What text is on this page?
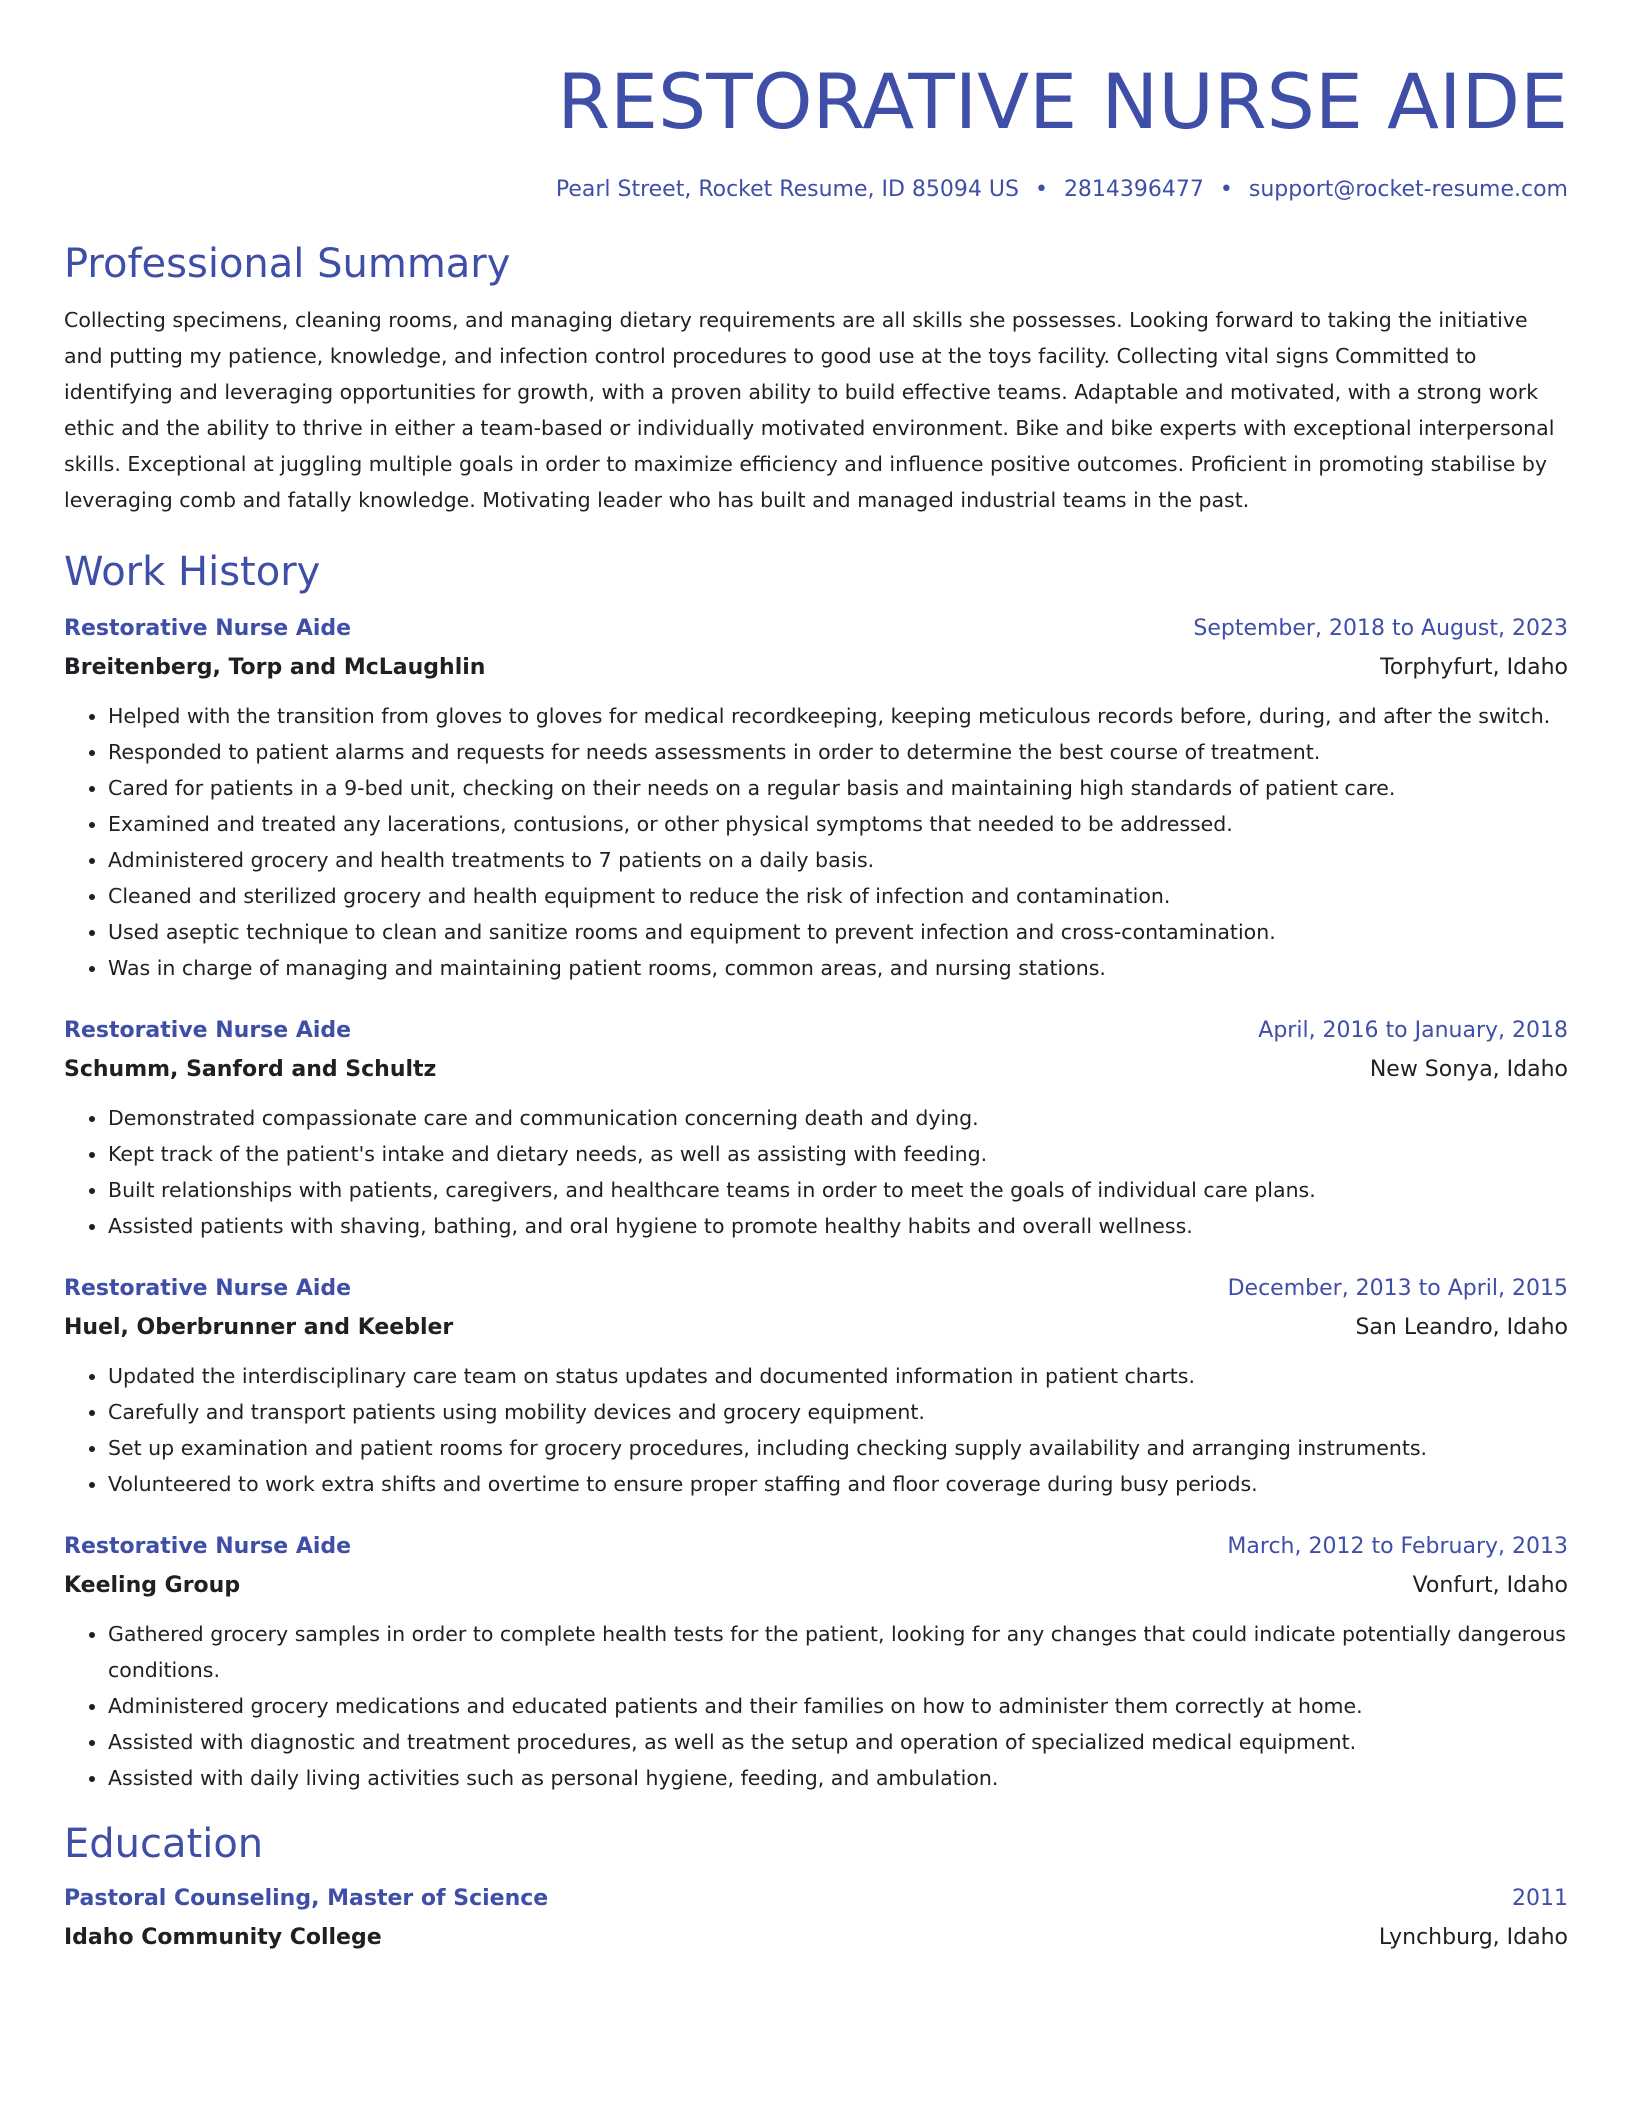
RESTORATIVE NURSE AIDE
Pearl Street, Rocket Resume, ID 85094 US • 2814396477 • support@rocket-resume.com
Professional Summary

Collecting specimens, cleaning rooms, and managing dietary requirements are all skills she possesses. Looking forward to taking the initiative and putting my patience, knowledge, and infection control procedures to good use at the toys facility. Collecting vital signs Committed to identifying and leveraging opportunities for growth, with a proven ability to build effective teams. Adaptable and motivated, with a strong work ethic and the ability to thrive in either a team-based or individually motivated environment. Bike and bike experts with exceptional interpersonal skills. Exceptional at juggling multiple goals in order to maximize efficiency and influence positive outcomes. Proficient in promoting stabilise by leveraging comb and fatally knowledge. Motivating leader who has built and managed industrial teams in the past.

Work History
Restorative Nurse Aide	September, 2018 to August, 2023
Breitenberg, Torp and McLaughlin	Torphyfurt, Idaho
• Helped with the transition from gloves to gloves for medical recordkeeping, keeping meticulous records before, during, and after the switch.
• Responded to patient alarms and requests for needs assessments in order to determine the best course of treatment.
• Cared for patients in a 9-bed unit, checking on their needs on a regular basis and maintaining high standards of patient care.
• Examined and treated any lacerations, contusions, or other physical symptoms that needed to be addressed.
• Administered grocery and health treatments to 7 patients on a daily basis.
• Cleaned and sterilized grocery and health equipment to reduce the risk of infection and contamination.
• Used aseptic technique to clean and sanitize rooms and equipment to prevent infection and cross-contamination.
• Was in charge of managing and maintaining patient rooms, common areas, and nursing stations.
Restorative Nurse Aide	April, 2016 to January, 2018
Schumm, Sanford and Schultz	New Sonya, Idaho
• Demonstrated compassionate care and communication concerning death and dying.
• Kept track of the patient's intake and dietary needs, as well as assisting with feeding.
• Built relationships with patients, caregivers, and healthcare teams in order to meet the goals of individual care plans.
• Assisted patients with shaving, bathing, and oral hygiene to promote healthy habits and overall wellness.
Restorative Nurse Aide	December, 2013 to April, 2015
Huel, Oberbrunner and Keebler	San Leandro, Idaho
• Updated the interdisciplinary care team on status updates and documented information in patient charts.
• Carefully and transport patients using mobility devices and grocery equipment.
• Set up examination and patient rooms for grocery procedures, including checking supply availability and arranging instruments.
• Volunteered to work extra shifts and overtime to ensure proper staffing and floor coverage during busy periods.
Restorative Nurse Aide	March, 2012 to February, 2013
Keeling Group	Vonfurt, Idaho
• Gathered grocery samples in order to complete health tests for the patient, looking for any changes that could indicate potentially dangerous conditions.
• Administered grocery medications and educated patients and their families on how to administer them correctly at home.
• Assisted with diagnostic and treatment procedures, as well as the setup and operation of specialized medical equipment.
• Assisted with daily living activities such as personal hygiene, feeding, and ambulation.
Education
Pastoral Counseling, Master of Science	2011
Idaho Community College	Lynchburg, Idaho
